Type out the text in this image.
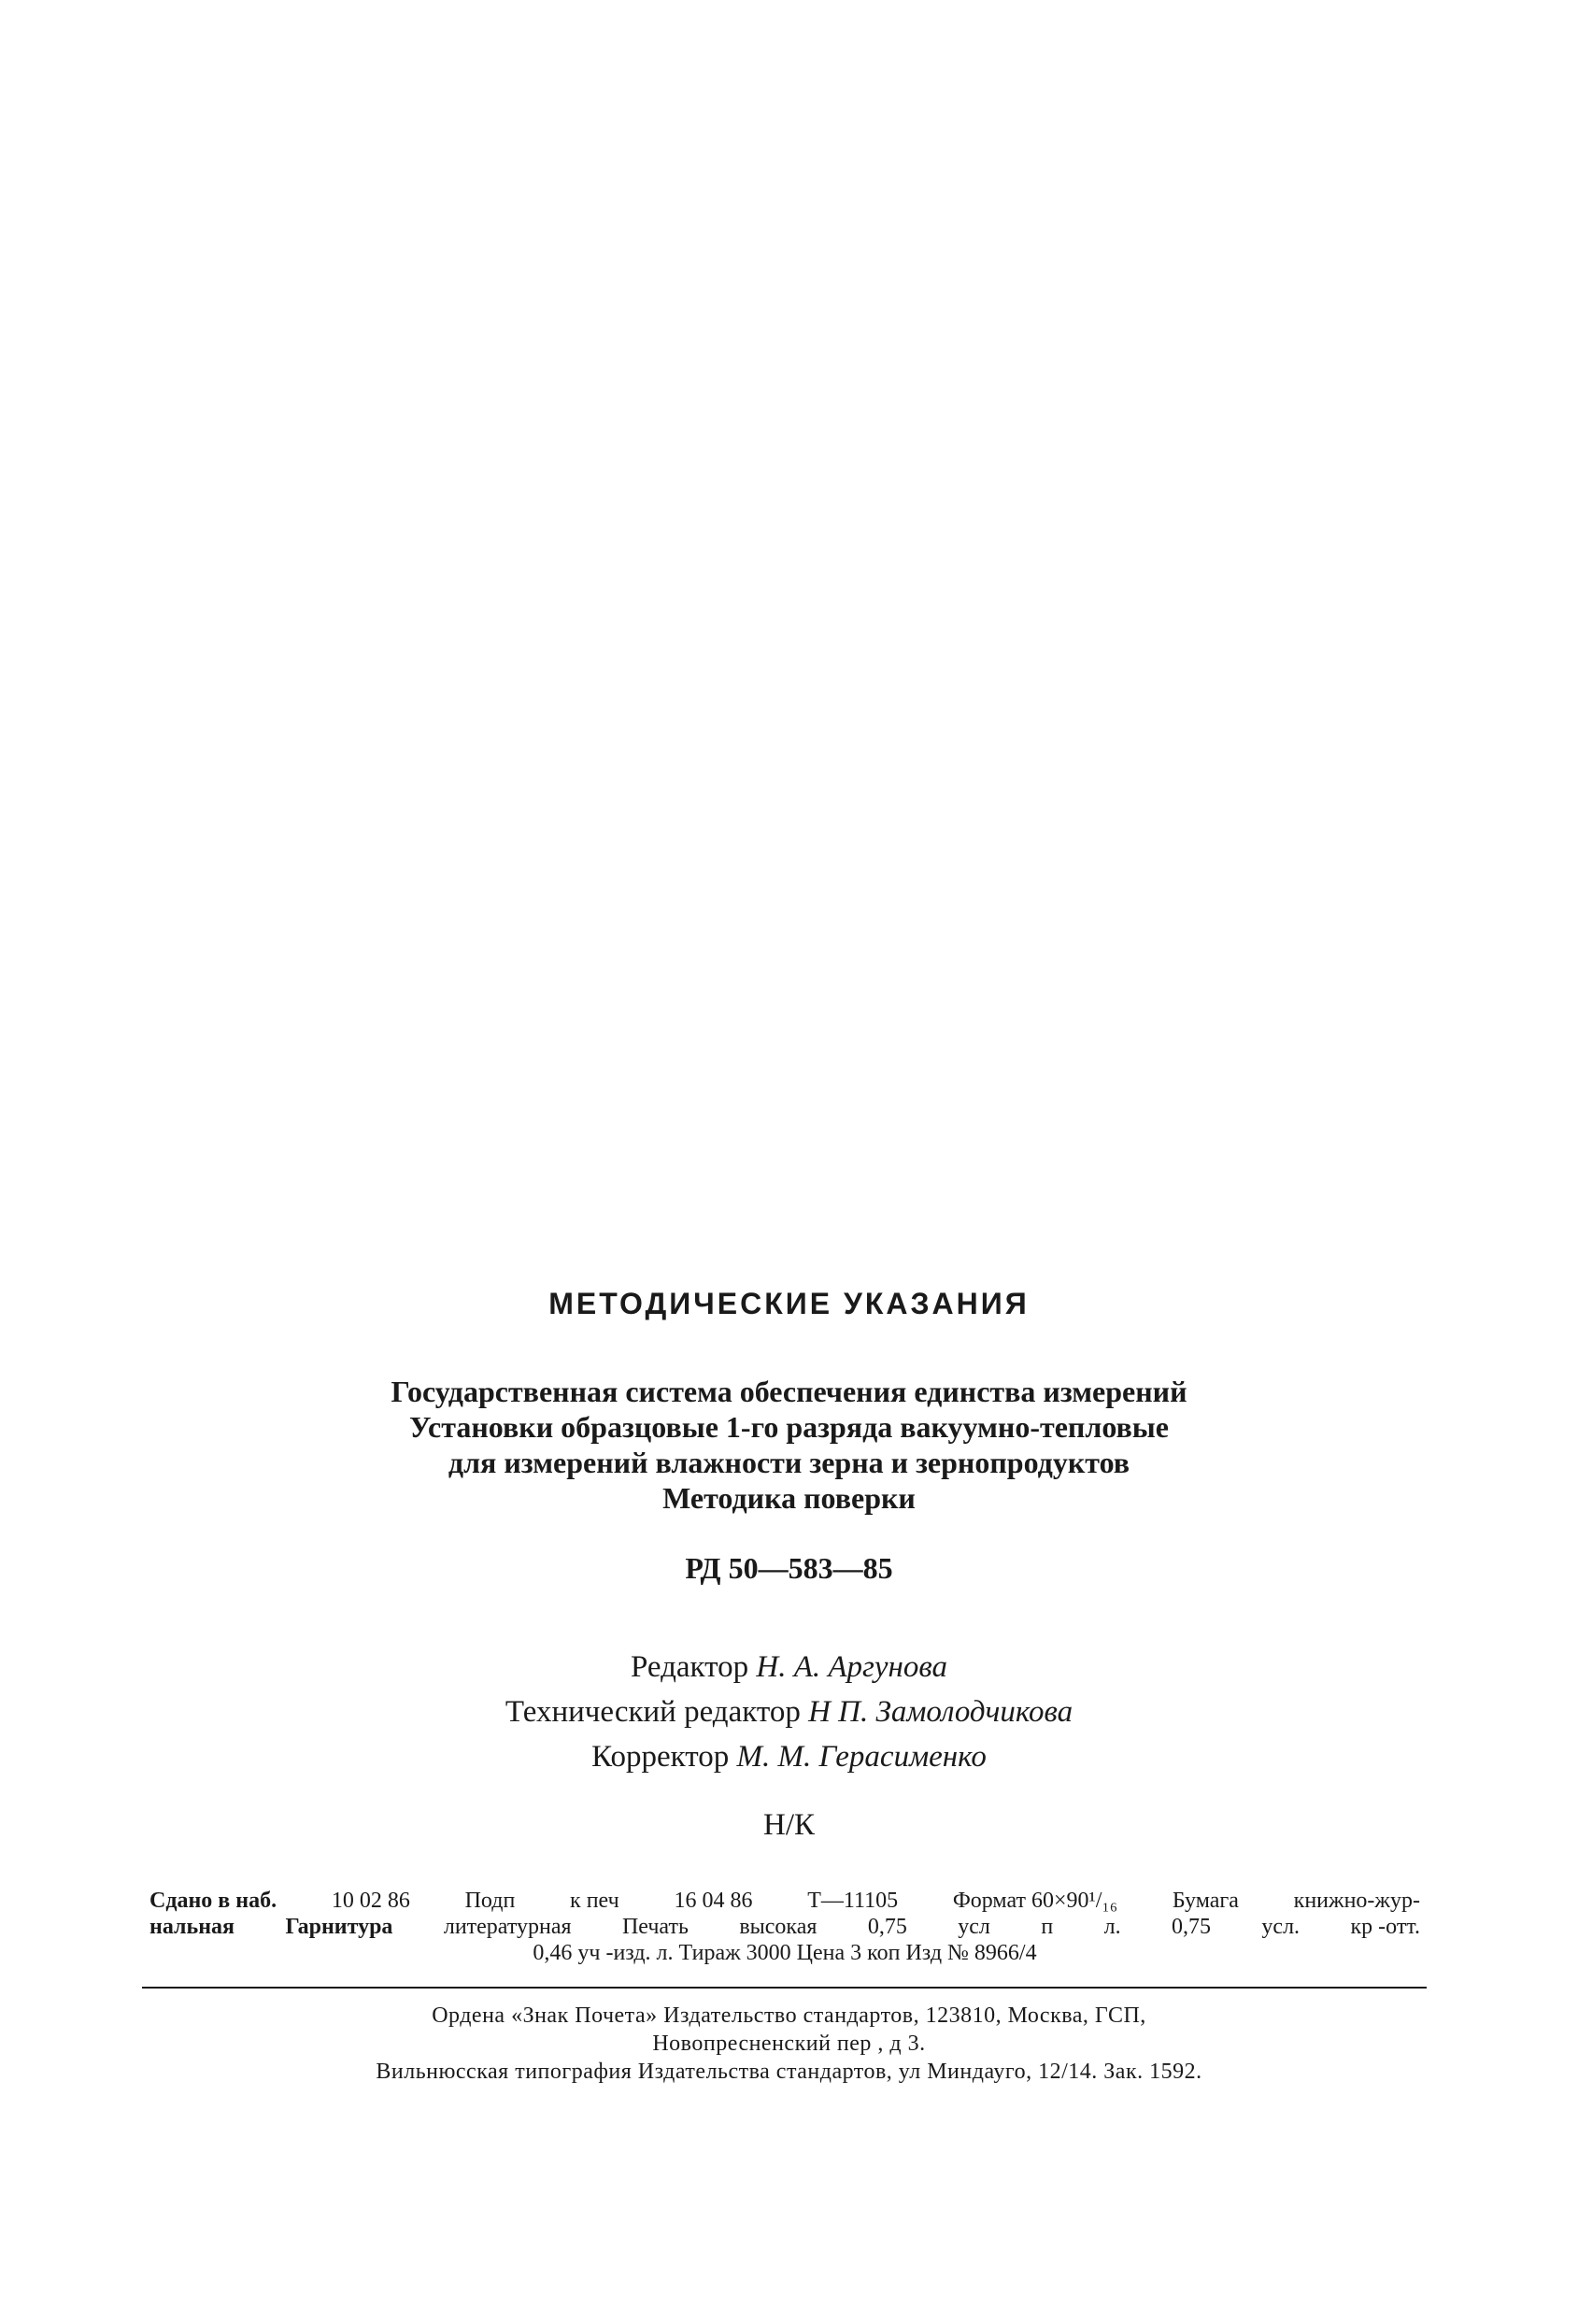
МЕТОДИЧЕСКИЕ УКАЗАНИЯ
Государственная система обеспечения единства измерений
Установки образцовые 1-го разряда вакуумно-тепловые
для измерений влажности зерна и зернопродуктов
Методика поверки
РД 50—583—85
Редактор Н. А. Аргунова
Технический редактор Н П. Замолодчикова
Корректор М. М. Герасименко
Н/К
Сдано в наб. 10 02 86 Подп к печ 16 04 86 Т—11105 Формат 60×90¹/₁₆ Бумага книжно-жур-
нальная Гарнитура литературная Печать высокая 0,75 усл п л. 0,75 усл. кр -отт.
0,46 уч -изд. л. Тираж 3000 Цена 3 коп Изд № 8966/4
Ордена «Знак Почета» Издательство стандартов, 123810, Москва, ГСП,
Новопресненский пер , д 3.
Вильнюсская типография Издательства стандартов, ул Миндауго, 12/14. Зак. 1592.
